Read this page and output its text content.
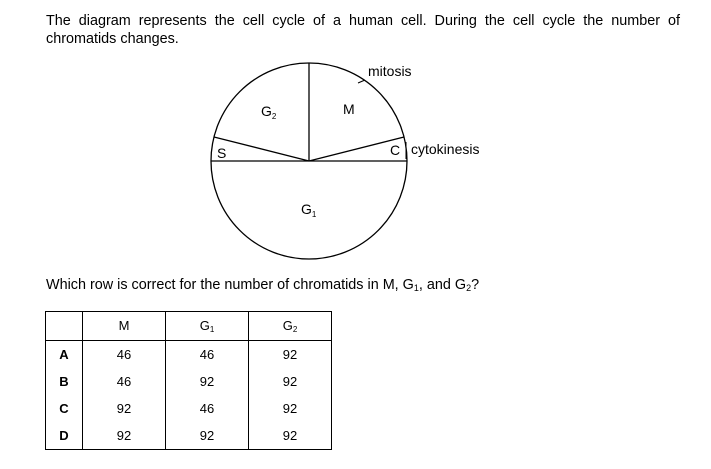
The diagram represents the cell cycle of a human cell. During the cell cycle the number of chromatids changes.

$G_2$	M
S	C
$G_1$
mitosis
cytokinesis

Which row is correct for the number of chromatids in M, $G_1$, and $G_2$?

	M	$G_1$	$G_2$
A	46	46	92
B	46	92	92
C	92	46	92
D	92	92	92
